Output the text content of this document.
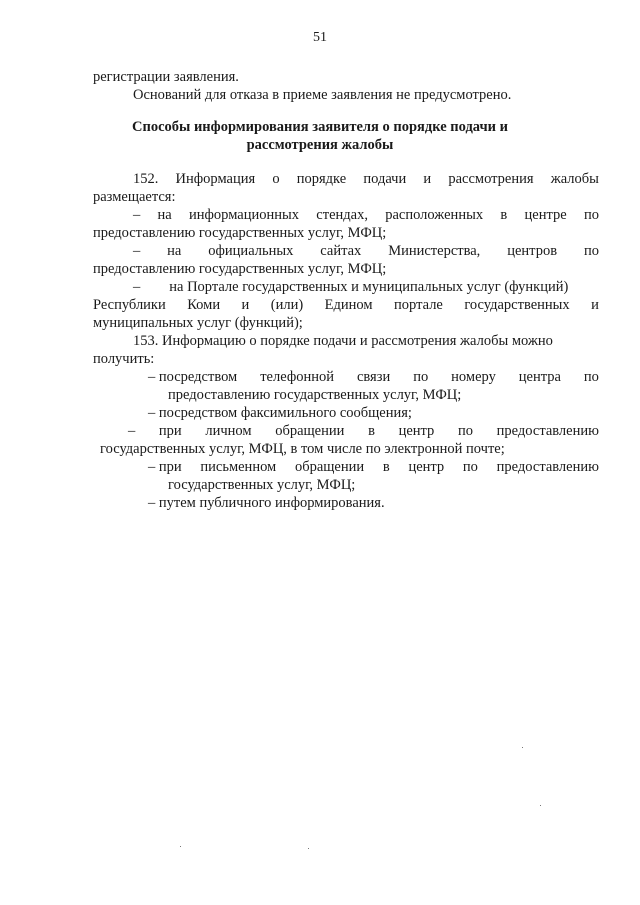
51
регистрации заявления.
Оснований для отказа в приеме заявления не предусмотрено.
Способы информирования заявителя о порядке подачи и
рассмотрения жалобы
152. Информация о порядке подачи и рассмотрения жалобы
размещается:
– на информационных стендах, расположенных в центре по
предоставлению государственных услуг, МФЦ;
– на официальных сайтах Министерства, центров по
предоставлению государственных услуг, МФЦ;
–        на Портале государственных и муниципальных услуг (функций)
Республики Коми и (или) Едином портале государственных и
муниципальных услуг (функций);
153. Информацию о порядке подачи и рассмотрения жалобы можно
получить:
– посредством телефонной связи по номеру центра по
предоставлению государственных услуг, МФЦ;
– посредством факсимильного сообщения;
– при личном обращении в центр по предоставлению
государственных услуг, МФЦ, в том числе по электронной почте;
– при письменном обращении в центр по предоставлению
государственных услуг, МФЦ;
– путем публичного информирования.
